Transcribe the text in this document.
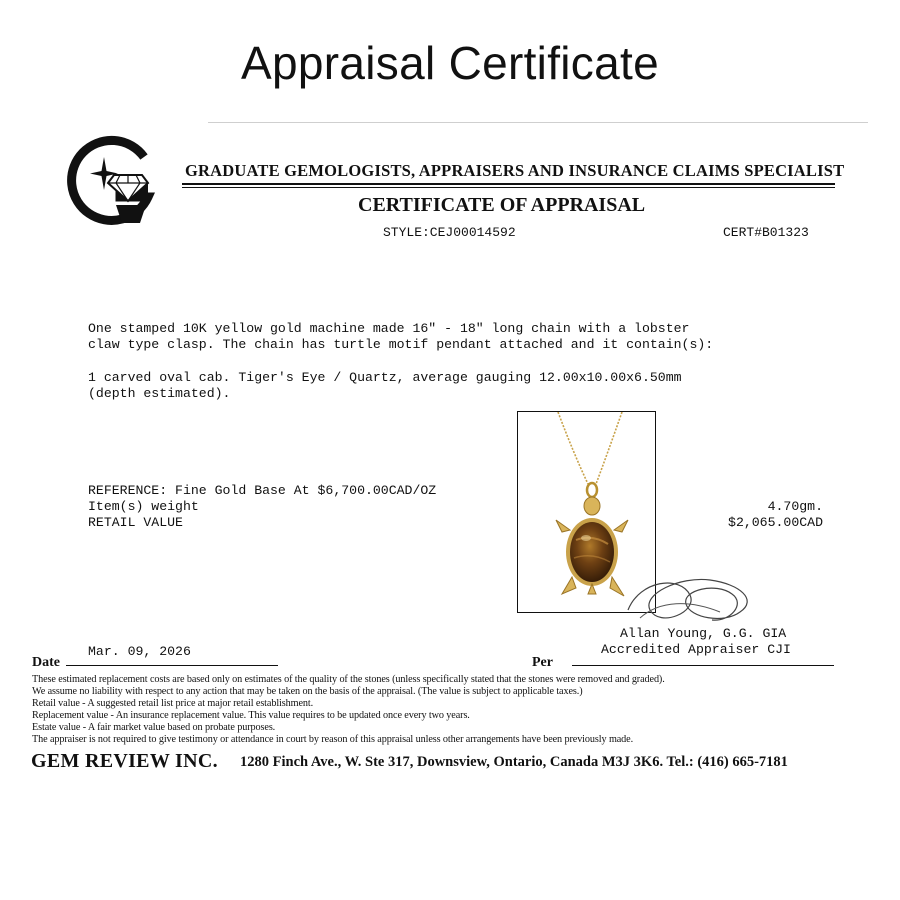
Appraisal Certificate
GRADUATE GEMOLOGISTS, APPRAISERS AND INSURANCE CLAIMS SPECIALIST
CERTIFICATE OF APPRAISAL
STYLE:CEJ00014592	CERT#B01323
One stamped 10K yellow gold machine made 16" - 18" long chain with a lobster
claw type clasp. The chain has turtle motif pendant attached and it contain(s):
1 carved oval cab. Tiger's Eye / Quartz, average gauging 12.00x10.00x6.50mm
(depth estimated).
REFERENCE: Fine Gold Base At $6,700.00CAD/OZ
Item(s) weight
RETAIL VALUE
4.70gm.
$2,065.00CAD
Allan Young, G.G. GIA
Accredited Appraiser CJI
Mar. 09, 2026
Date	Per
These estimated replacement costs are based only on estimates of the quality of the stones (unless specifically stated that the stones were removed and graded).
We assume no liability with respect to any action that may be taken on the basis of the appraisal. (The value is subject to applicable taxes.)
Retail value - A suggested retail list price at major retail establishment.
Replacement value - An insurance replacement value. This value requires to be updated once every two years.
Estate value - A fair market value based on probate purposes.
The appraiser is not required to give testimony or attendance in court by reason of this appraisal unless other arrangements have been previously made.
GEM REVIEW INC. 1280 Finch Ave., W. Ste 317, Downsview, Ontario, Canada M3J 3K6. Tel.: (416) 665-7181
